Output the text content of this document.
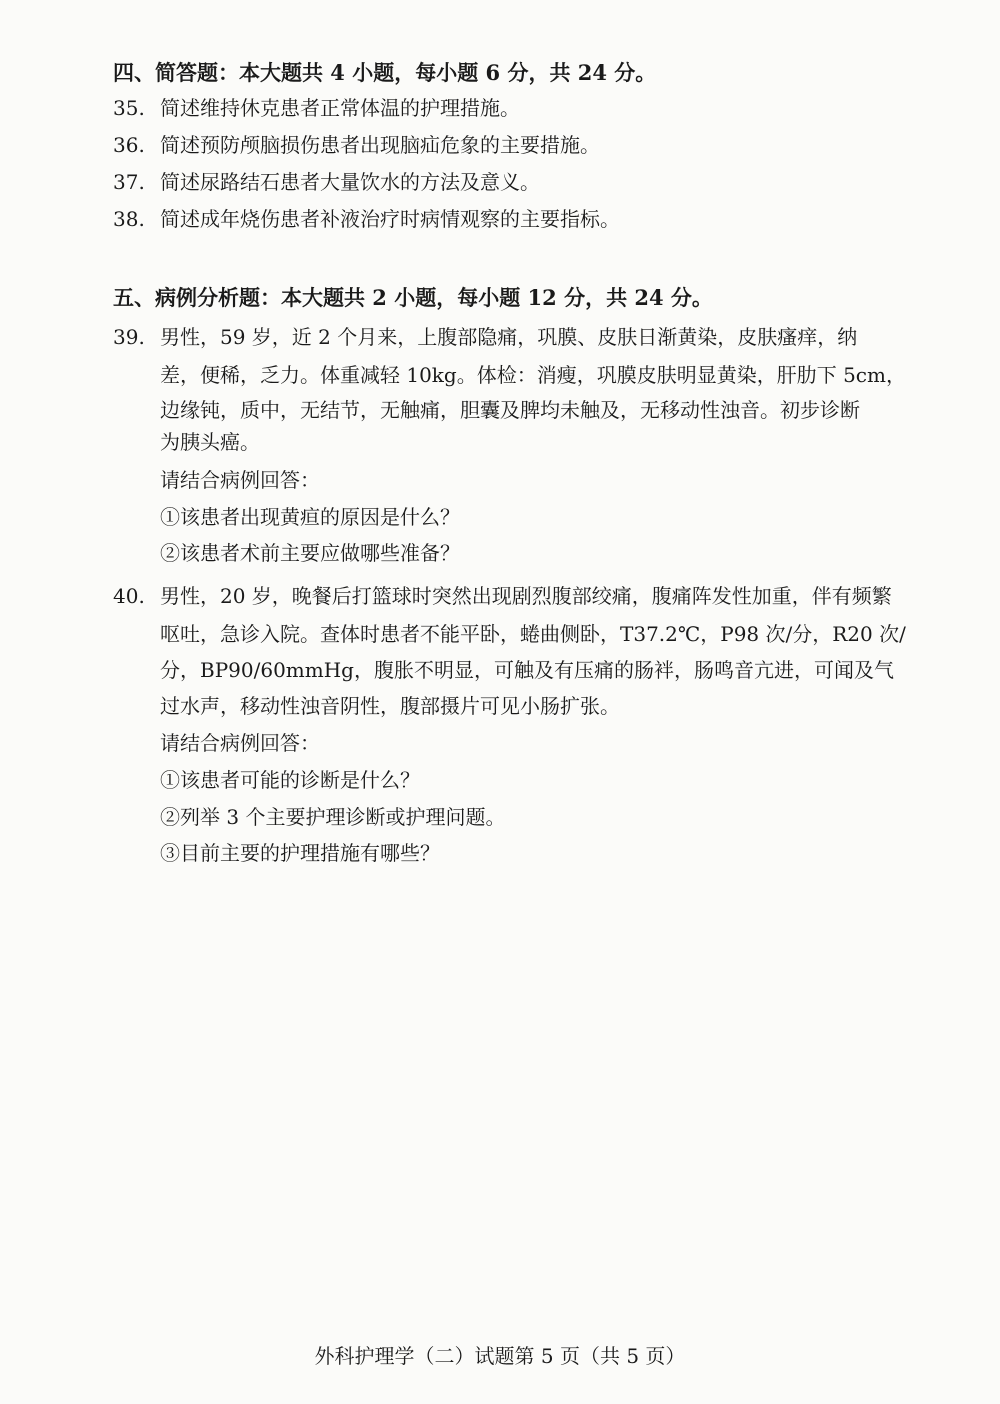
四、简答题：本大题共 4 小题，每小题 6 分，共 24 分。
35. 简述维持休克患者正常体温的护理措施。
36. 简述预防颅脑损伤患者出现脑疝危象的主要措施。
37. 简述尿路结石患者大量饮水的方法及意义。
38. 简述成年烧伤患者补液治疗时病情观察的主要指标。
五、病例分析题：本大题共 2 小题，每小题 12 分，共 24 分。
39. 男性，59 岁，近 2 个月来，上腹部隐痛，巩膜、皮肤日渐黄染，皮肤瘙痒，纳
差，便稀，乏力。体重减轻 10kg。体检：消瘦，巩膜皮肤明显黄染，肝肋下 5cm，
边缘钝，质中，无结节，无触痛，胆囊及脾均未触及，无移动性浊音。初步诊断
为胰头癌。
请结合病例回答：
①该患者出现黄疸的原因是什么？
②该患者术前主要应做哪些准备？
40. 男性，20 岁，晚餐后打篮球时突然出现剧烈腹部绞痛，腹痛阵发性加重，伴有频繁
呕吐，急诊入院。查体时患者不能平卧，蜷曲侧卧，T37.2℃，P98 次/分，R20 次/
分，BP90/60mmHg，腹胀不明显，可触及有压痛的肠袢，肠鸣音亢进，可闻及气
过水声，移动性浊音阴性，腹部摄片可见小肠扩张。
请结合病例回答：
①该患者可能的诊断是什么？
②列举 3 个主要护理诊断或护理问题。
③目前主要的护理措施有哪些？
外科护理学（二）试题第 5 页（共 5 页）
